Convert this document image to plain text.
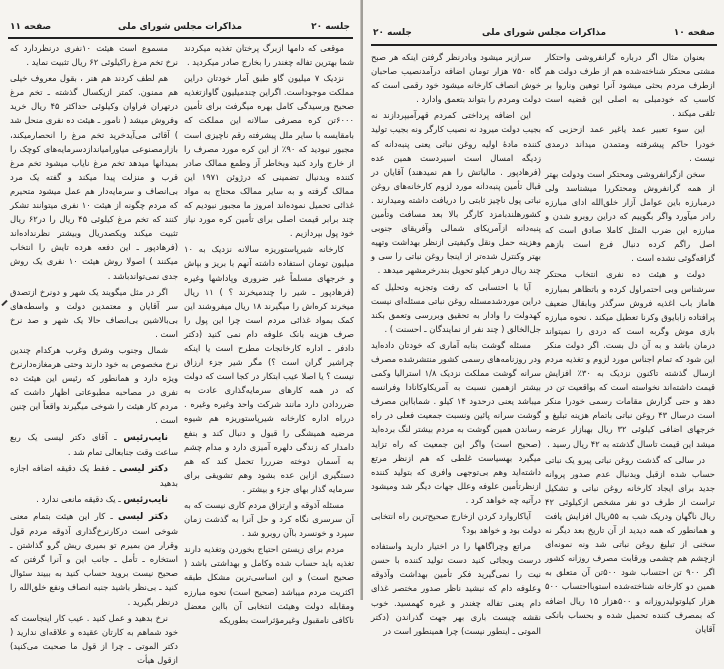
جلسه ۲۰
مذاکرات مجلس شورای ملی
صفحه ۱۱

موقعی که دامها ازبرگ پرختان تغذیه میکردند شما بهترین تفاله چغندر را بخارج صادر میکردید .

نزدیک ۷ میلیون گاو طبق آمار خودتان دراین مملکت موجوداست. اگراین چندمیلیون گاوازتغذیه صحیح ورسیدگی کامل بهره میگرفت برای تأمین ۶۰۰۰تن کره مصرفی سالانه این مملکت که بامقایسه با سایر ملل پیشرفته رقم ناچیزی است مجبور نبودید که ۹۰٪ از این کره مورد مصرف را از خارج وارد کنید وبخاطر آز وطمع ممالک صادر کننده وبدنبال تضمینی که درژوئن ۱۹۷۱ این ممالک گرفته و به سایر ممالک محتاج به مواد غذائی تحمیل نموده‌اند امروز ما مجبور نبودیم که چند برابر قیمت اصلی برای تأمین کره مورد نیاز خود پول بپردازیم .

کارخانه شیرپاستوریزه سالانه نزدیک به ۱۰ میلیون تومان استفاده داشته آنهم با بریز و بپاش و خرجهای مسلماً غیر ضروری وپاداشها وغیره (فرهادپور ـ شیر را چندمیخرند ؟ ) ۱۱ ریال میخرند کره‌اش را میگیرند ۱۸ ریال میفروشند این کمک بمواد غذائی مردم است چرا این پول را صرف هزینه بانک علوفه دام نمی کنید (دکتر دادفر ـ اداره کارخانجات مطرح است یا اینکه چراشیر گران است ؟) مگر شیر جزء ارزاق نیست ؟ یا اصلا عیب ابتکار در کجا است که دولت که در همه کارهای سرمایه‌گذاری عادت به ضرردادن دارد مانند شرکت واحد وغیره وغیره . درراه اداره کارخانه شیرپاستوریزه هم شیوه مرضیه همیشگی را قبول و دنبال کند و بنفع دامدار که زندگی دلهره آمیزی دارد و مدام چشم به آسمان دوخته ضرررا تحمل کند که هم دستگیری ازاین عده بشود وهم تشویقی برای سرمایه گذار بهای جزء و بیشتر .

مسئله آذوقه و ارتزاق مردم کاری نیست که به آن سرسری نگاه کرد و حل آنرا به گذشت زمان سپرد و خونسرد باآن روبرو شد .

مردم برای زیستن احتیاج بخوردن وتغذیه دارند تغذیه باید حساب شده وکامل و بهداشتی باشد ( صحیح است) و این اساسی‌ترین مشکل طبقه اکثریت مردم میباشد (صحیح است) نحوه مبارزه ومقابله دولت وهیئت انتخابی آن بااین معضل ناکافی نامقبول وغیرمؤثراست بطوریکه

مسموع است هیئت ۱۰نفری درنظردارد که نرخ تخم مرغ راکیلوئی ۶۲ ریال تثبیت نماید .

هم لطف کردند هم هنر ، بقول معروف خیلی هم ممنون. کمتر ازیکسال گذشته ـ تخم مرغ درتهران فراوان وکیلوئی حداکثر ۴۵ ریال خرید وفروش میشد ( نامور ـ هیئت ده نفری منحل شد ) آقائی می‌آیدخرید تخم مرغ را انحصارمیکند، بازارمصنوعی میاورامیاندازدسرمایه‌های کوچک را بمیدانها میدهد تخم مرغ نایاب میشود تخم مرغ قرب و منزلت پیدا میکند و گفته یک مرد بی‌انصاف و سرمایه‌دار هم عمل میشود متحیرم که مردم چگونه از هیئت ۱۰ نفری میتوانند تشکر کنند که تخم مرغ کیلوئی ۴۵ ریال را در۶۲ ریال تثبیت میکند ویکصدریال وبیشتر نظرنداده‌اند (فرهادپور ـ این دفعه هرده تایش را انتخاب میکنند ) اصولا روش هیئت ۱۰ نفری یک روش جدی نمی‌تواندباشد .

اگر در مثل میگویند یک شهر و دونرخ ازتصدق سر آقایان و معتمدین دولت و واسطه‌های بی‌بالاشین بی‌انصاف حالا یک شهر و صد نرخ است .

شمال وجنوب وشرق وغرب هرکدام چندین نرخ مخصوص به خود دارند وحتی هرمغازه‌دارنرخ ویژه دارد و همانطور که رئیس این هیئت ده نفری در مصاحبه مطبوعاتی اظهار داشت که مردم کار هیئت را شوخی میگیرند واقعاً این چنین است .

نایب‌رئیس ـ آقای دکتر لیسی یک ربع ساعت وقت جنابعالی تمام شد .

دکتر لیسی ـ فقط یک دقیقه اضافه اجازه بدهید

نایب‌رئیس ـ یک دقیقه مانعی ندارد .

دکتر لیسی ـ کار این هیئت بتمام معنی شوخی است درکارنرخ‌گذاری آذوقه مردم قول وقرار من بمیرم تو بمیری ریش گرو گذاشتن ـ استخاره ـ تأمل ـ جانب این و آنرا گرفتن که صحیح نیست بروید حساب کنید به ببیند سئوال کنید ـ بی‌نظر باشید جنبه انصاف ونفع خلق‌الله را درنظر بگیرید .

نرخ بدهید و عمل کنید . عیب کار اینجاست که خود شماهم به کارتان عقیده و علاقه‌ای ندارید ( دکتر الموتی ـ چرا از قول ما صحبت می‌کنید) ازقول هیأت

صفحه ۱۰
مذاکرات مجلس شورای ملی
جلسه ۲۰

بعنوان مثال اگر درباره گرانفروشی واحتکار مشتی محتکر شناخته‌شده هم از طرف دولت هم ازطرف مردم بحثی میشود آنرا توهین وناروا بر کاسب که خودمبلی به اصلی این قضیه است تلقی میکند .

این سوء تعبیر عمد یاغیر عمد ازحزبی که خودرا حاکم پیشرفته ومتمدن میداند درمدی نیست .

سخن ازگرانفروشی ومحتکر است ودولت بهتر از همه گرانفروش ومحتکررا میشناسد ولی درمبارزه باین عوامل آزار خلق‌الله ادای مبارزه رادر میآورد واگر بگوییم که دراین روبرو شدن و مبارزه این ضرب المثل کاملا صادق است که اصل راگم کرده دنبال فرع است بازهم گزافه‌گوئی نشده است .

دولت و هیئت ده نفری انتخاب محتکر سرشناس وبی احتمراول کرده و باتظاهر بمبارزه هاماز باب اغذیه فروش سرگذر وبابقال ضعیف پرافتاده زابایوق وکرنا تعطیل میکند . نحوه مبارزه بازی موش وگربه است که دردی را نمیتواند درمان باشد و به آن دل بست. اگر دولت منکر این شود که تمام اجناس مورد لزوم و تغذیه مردم ازسال گذشته تاکنون نزدیک به ۳۰٪ افزایش قیمت داشته‌اند نخواسته است که بواقعیت تن در دهد و حتی گزارش مقامات رسمی خودرا منکر است درسال ۴۳ روغن نباتی باتمام هزینه تبلیغ و خرجهای اضافی کیلوئی ۳۲ ریال بهبازار عرضه میشد این قیمت تاسال گذشته به ۴۲ ریال رسید .

در سالی که گذشت روغن نباتی پیرو یک نباتی حساب شده ازقبل وبدنبال عدم صدور پروانه جدید برای ایجاد کارخانه روغن نباتی و تشکیل تراست از طرف دو نفر مشخص ازکیلوئی ۴۲ ریال ناگهان ودریک شب به ۵۵ریال افزایش یافت و همانطور که همه دیدید از آن تاریخ بعد دیگر نه سخنی از تبلیغ روغن نباتی شد ونه نمونه‌ای ازچشم هم چشمی ورقابت مصرف روزانه کشور اگر ۹۰۰ تن احتساب شود ۵۰۰تن آن متعلق به همین دو کارخانه شناخته‌شده استوبااحتساب ۵۰۰ هزار کیلوتولیدروزانه و ۵۰۰هزار ۱۵ ریال اضافه که بمصرف کننده تحمیل شده و بحساب بانکی آقایان

سرازیر میشود وبادرنظر گرفتن اینکه هر صبح گاه ۷۵۰ هزار تومان اضافه درآمدنصیب صاحبان خوش انصاف کارخانه میشود خود رقمی است که دولت ومردم را بتواند بتعمق وادارد .

این اضافه پرداختی کمردم قهرآمیپردازند نه بجیب دولت میرود نه نصیب کارگر ونه بجیب تولید کننده مادهٔ اولیه روغن نباتی یعنی پنبه‌دانه که زدیگه امسال است اسیردست همین عده (فرهادپور . مالیاتش را هم نمیدهند) آقایان در قبال تأمین پنبه‌دانه مورد لزوم کارخانه‌های روغن نباتی پول ناچیز ثابتی را دریافت داشته ومیدارند . کشورهلندبامزد کارگر بالا بعد مسافت وتأمین پنبه‌دانه ازآمریکای شمالی وآفریقای جنوبی وهزینه حمل ونقل وکیفیتی ازنظر بهداشت وتهیه بهتر وکنترل شده‌تر از اینجا روغن نباتی را سی و چند ریال درهر کیلو تحویل بندرخرمشهر میدهد .

آیا با احتسابی که رفت وتجزیه وتحلیل که دراین موردشدمسئله روغن نباتی مسئله‌ای نیست کهدولت را وادار به تحقیق وبررسی وتعمق بکند جل‌الخالق ( چند نفر از نمایندگان ـ احسنت ) .

مسئله گوشت بنابه آماری که خودتان داده‌اید ودر روزنامه‌های رسمی کشور منتشرشده مصرف سرانه گوشت مملکت نزدیک ۱/۸ استرالیا وکمی بیشتر ازهمین نسبت به آمریکاوکانادا وفرانسه میباشد یعنی درحدود ۱۴ کیلو . شمابااین مصرف گوشت سرانه پائین ونسبت جمعیت فعلی در راه رساندن همین گوشت به مردم بیشتر لنگ برده‌اید (صحیح است) واگر این جمعیت که راه تزاید میگیرد بهسیاست غلطی که هم ازنظر مرتع داشته‌اید وهم بی‌توجهی وافری که بتولید کننده ازنظرتأمین علوفه وعلل جهات دیگر شد ومیشود درآتیه چه خواهد کرد .

آیاکاروارد کردن ازخارج صحیح‌ترین راه انتخابی دولت بود و خواهد بود؟

مراتع وچراگاهها را در اختیار دارید واستفاده درست وبجائی کنید دست تولید کننده با حسن نیت را نمی‌گیرید فکر تأمین بهداشت وآذوقه وعلوفه دام که نبشید ناظر صدور مختصر غذای دام یعنی تفاله چغندر و غیره کهمسید. خوب نقشه چیست باری بهر جهت گذراندن (دکتر الموتی ـ اینطور نیست) چرا همینطور است در
